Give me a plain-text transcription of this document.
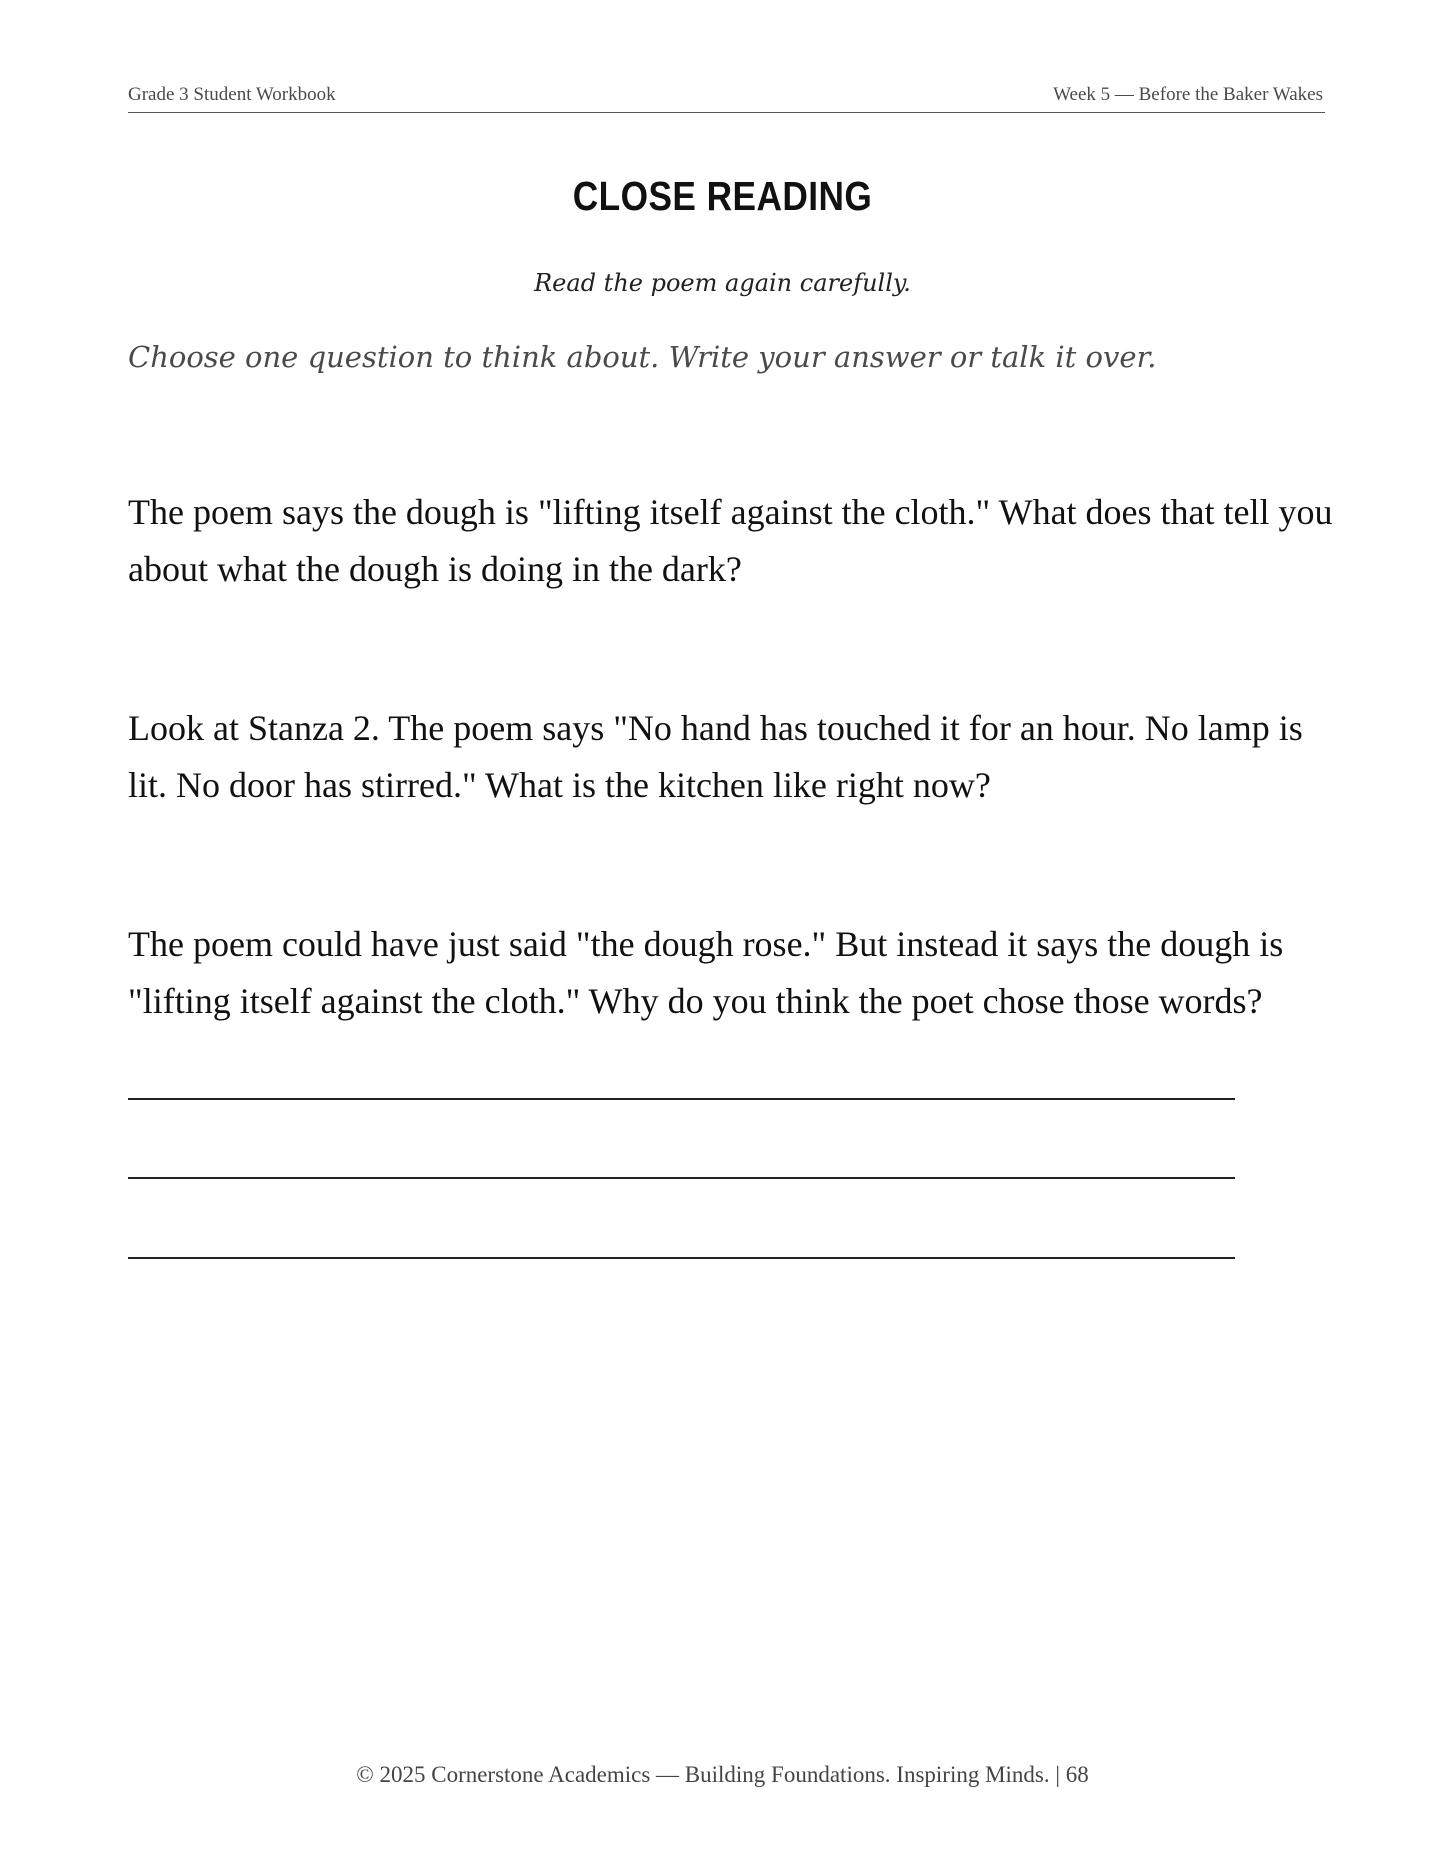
Grade 3 Student Workbook	Week 5 — Before the Baker Wakes
CLOSE READING
Read the poem again carefully.
Choose one question to think about. Write your answer or talk it over.
The poem says the dough is "lifting itself against the cloth." What does that tell you about what the dough is doing in the dark?
Look at Stanza 2. The poem says "No hand has touched it for an hour. No lamp is lit. No door has stirred." What is the kitchen like right now?
The poem could have just said "the dough rose." But instead it says the dough is "lifting itself against the cloth." Why do you think the poet chose those words?
© 2025 Cornerstone Academics — Building Foundations. Inspiring Minds. | 68
